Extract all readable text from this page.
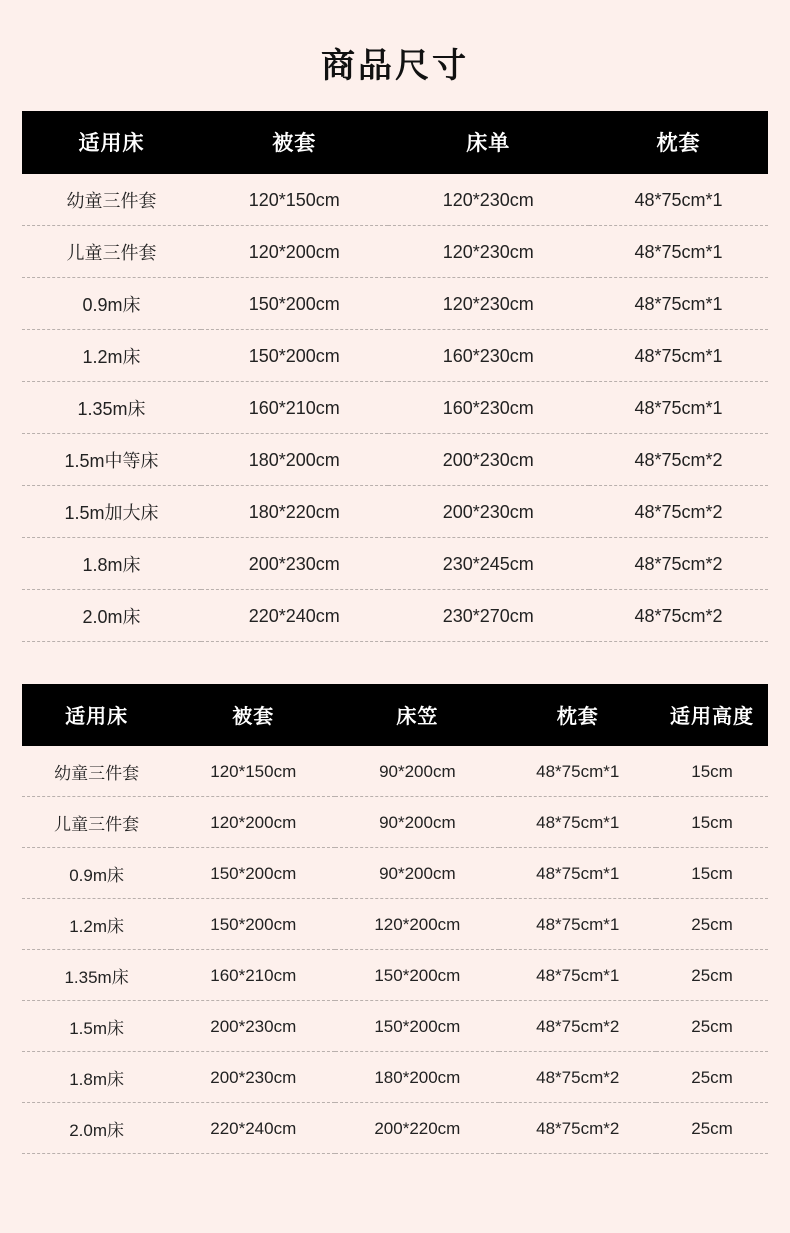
商品尺寸
适用床	被套	床单	枕套
幼童三件套	120*150cm	120*230cm	48*75cm*1
儿童三件套	120*200cm	120*230cm	48*75cm*1
0.9m床	150*200cm	120*230cm	48*75cm*1
1.2m床	150*200cm	160*230cm	48*75cm*1
1.35m床	160*210cm	160*230cm	48*75cm*1
1.5m中等床	180*200cm	200*230cm	48*75cm*2
1.5m加大床	180*220cm	200*230cm	48*75cm*2
1.8m床	200*230cm	230*245cm	48*75cm*2
2.0m床	220*240cm	230*270cm	48*75cm*2
适用床	被套	床笠	枕套	适用高度
幼童三件套	120*150cm	90*200cm	48*75cm*1	15cm
儿童三件套	120*200cm	90*200cm	48*75cm*1	15cm
0.9m床	150*200cm	90*200cm	48*75cm*1	15cm
1.2m床	150*200cm	120*200cm	48*75cm*1	25cm
1.35m床	160*210cm	150*200cm	48*75cm*1	25cm
1.5m床	200*230cm	150*200cm	48*75cm*2	25cm
1.8m床	200*230cm	180*200cm	48*75cm*2	25cm
2.0m床	220*240cm	200*220cm	48*75cm*2	25cm
